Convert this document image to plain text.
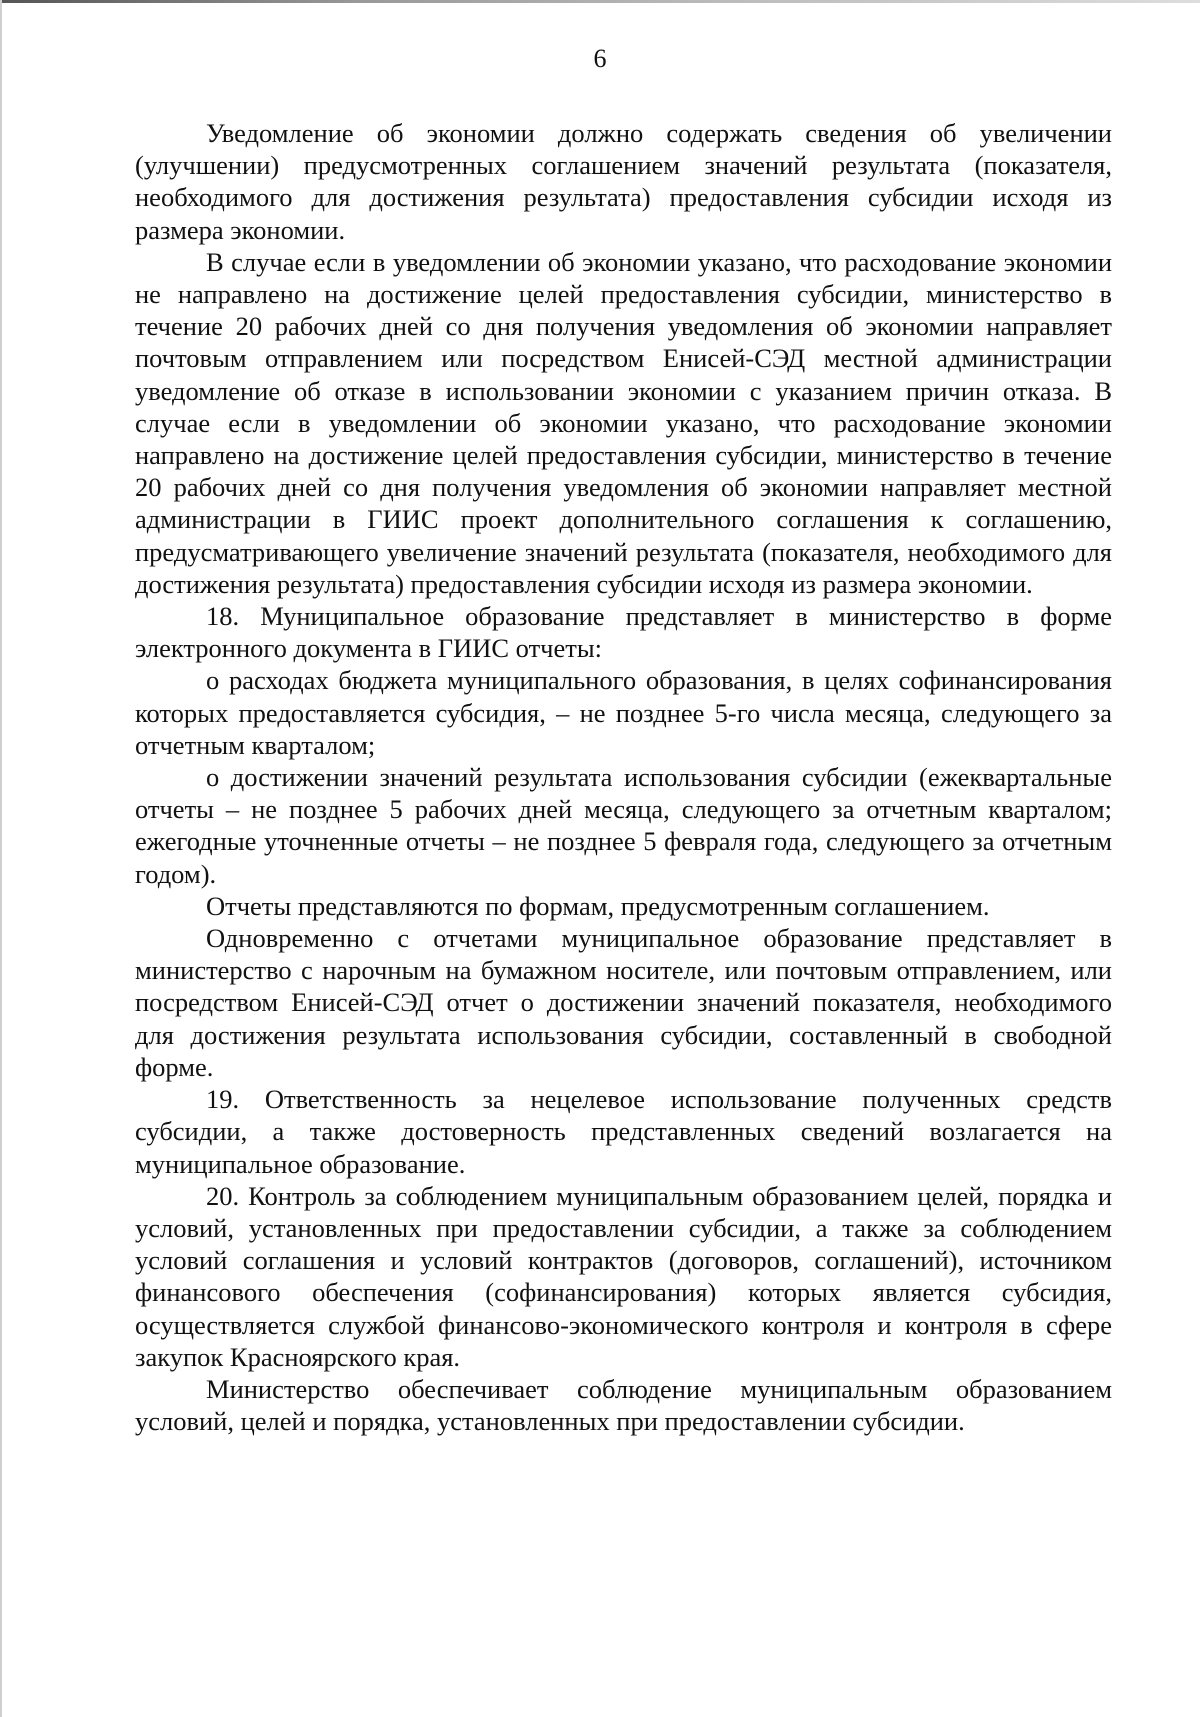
6

Уведомление об экономии должно содержать сведения об увеличении (улучшении) предусмотренных соглашением значений результата (показателя, необходимого для достижения результата) предоставления субсидии исходя из размера экономии.

В случае если в уведомлении об экономии указано, что расходование экономии не направлено на достижение целей предоставления субсидии, министерство в течение 20 рабочих дней со дня получения уведомления об экономии направляет почтовым отправлением или посредством Енисей-СЭД местной администрации уведомление об отказе в использовании экономии с указанием причин отказа. В случае если в уведомлении об экономии указано, что расходование экономии направлено на достижение целей предоставления субсидии, министерство в течение 20 рабочих дней со дня получения уведомления об экономии направляет местной администрации в ГИИС проект дополнительного соглашения к соглашению, предусматривающего увеличение значений результата (показателя, необходимого для достижения результата) предоставления субсидии исходя из размера экономии.

18. Муниципальное образование представляет в министерство в форме электронного документа в ГИИС отчеты:

о расходах бюджета муниципального образования, в целях софинансирования которых предоставляется субсидия, – не позднее 5-го числа месяца, следующего за отчетным кварталом;

о достижении значений результата использования субсидии (ежеквартальные отчеты – не позднее 5 рабочих дней месяца, следующего за отчетным кварталом; ежегодные уточненные отчеты – не позднее 5 февраля года, следующего за отчетным годом).

Отчеты представляются по формам, предусмотренным соглашением.

Одновременно с отчетами муниципальное образование представляет в министерство с нарочным на бумажном носителе, или почтовым отправлением, или посредством Енисей-СЭД отчет о достижении значений показателя, необходимого для достижения результата использования субсидии, составленный в свободной форме.

19. Ответственность за нецелевое использование полученных средств субсидии, а также достоверность представленных сведений возлагается на муниципальное образование.

20. Контроль за соблюдением муниципальным образованием целей, порядка и условий, установленных при предоставлении субсидии, а также за соблюдением условий соглашения и условий контрактов (договоров, соглашений), источником финансового обеспечения (софинансирования) которых является субсидия, осуществляется службой финансово-экономического контроля и контроля в сфере закупок Красноярского края.

Министерство обеспечивает соблюдение муниципальным образованием условий, целей и порядка, установленных при предоставлении субсидии.
